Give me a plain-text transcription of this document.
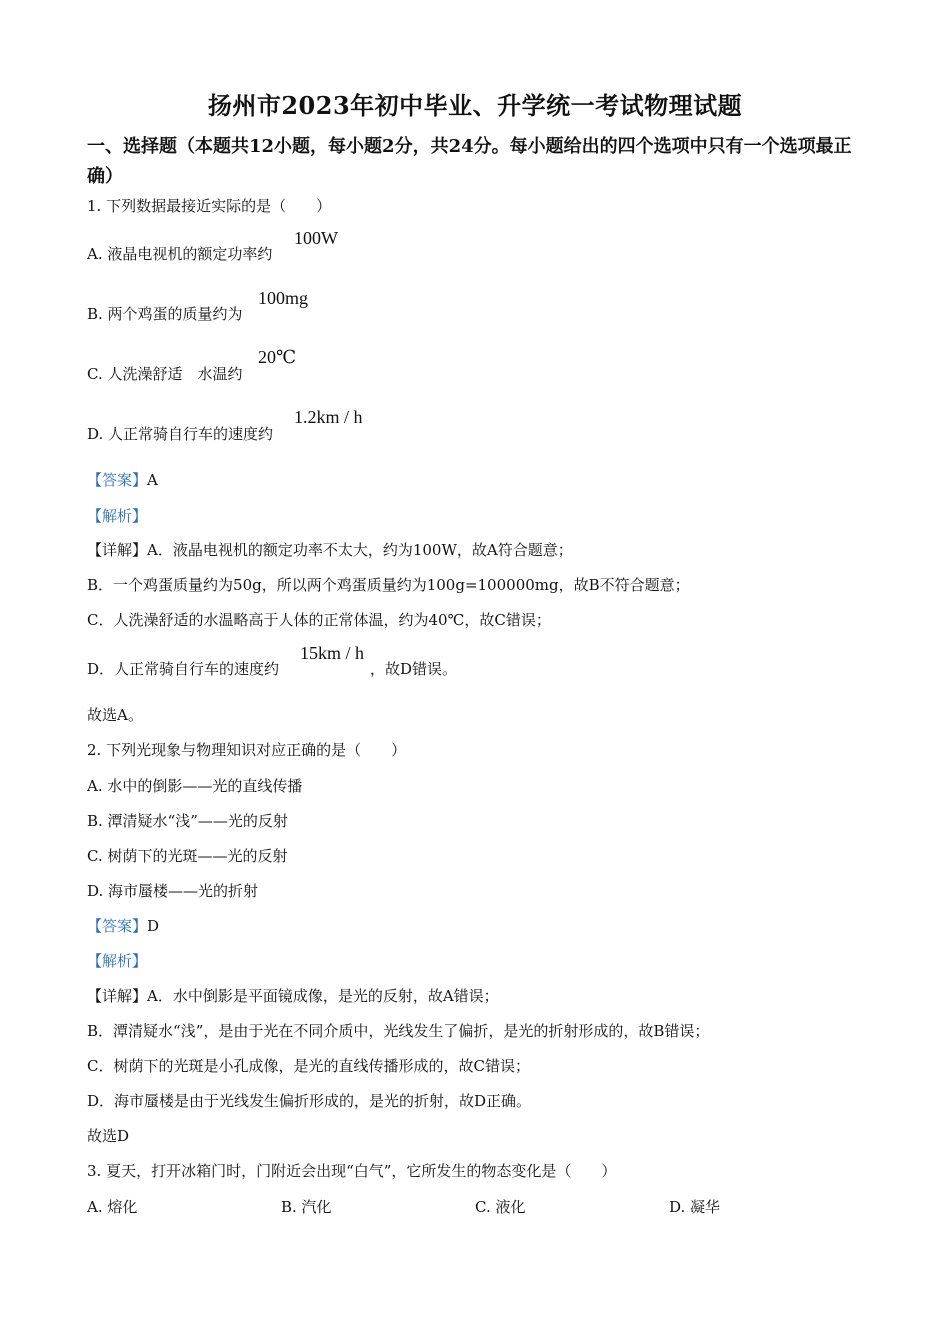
扬州市2023年初中毕业、升学统一考试物理试题
一、选择题（本题共12小题，每小题2分，共24分。每小题给出的四个选项中只有一个选项最正确）
1. 下列数据最接近实际的是（　　）
A. 液晶电视机的额定功率约
100W
B. 两个鸡蛋的质量约为
100mg
C. 人洗澡舒适　水温约
20℃
D. 人正常骑自行车的速度约
1.2km / h
【答案】A
【解析】
【详解】A．液晶电视机的额定功率不太大，约为100W，故A符合题意；
B．一个鸡蛋质量约为50g，所以两个鸡蛋质量约为100g=100000mg，故B不符合题意；
C．人洗澡舒适的水温略高于人体的正常体温，约为40℃，故C错误；
D．人正常骑自行车的速度约
15km / h
，故D错误。
故选A。
2. 下列光现象与物理知识对应正确的是（　　）
A. 水中的倒影——光的直线传播
B. 潭清疑水“浅”——光的反射
C. 树荫下的光斑——光的反射
D. 海市蜃楼——光的折射
【答案】D
【解析】
【详解】A．水中倒影是平面镜成像，是光的反射，故A错误；
B．潭清疑水“浅”，是由于光在不同介质中，光线发生了偏折，是光的折射形成的，故B错误；
C．树荫下的光斑是小孔成像，是光的直线传播形成的，故C错误；
D．海市蜃楼是由于光线发生偏折形成的，是光的折射，故D正确。
故选D
3. 夏天，打开冰箱门时，门附近会出现“白气”，它所发生的物态变化是（　　）
A. 熔化	B. 汽化	C. 液化	D. 凝华
